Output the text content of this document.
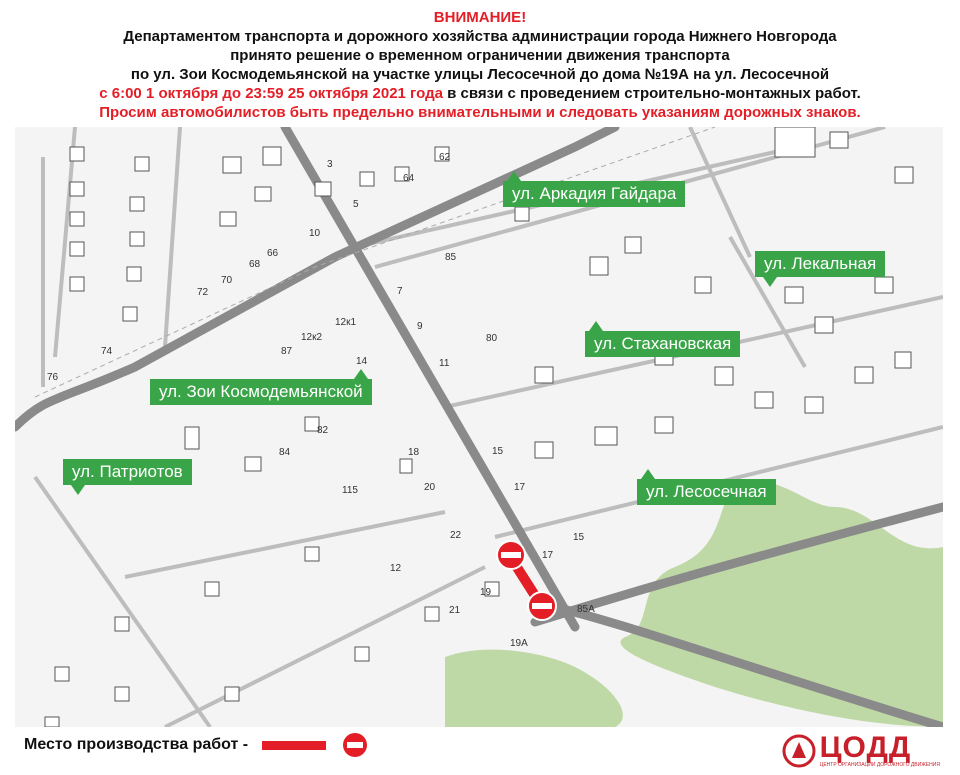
ВНИМАНИЕ!
Департаментом транспорта и дорожного хозяйства администрации города Нижнего Новгорода
принято решение о временном ограничении движения транспорта
по ул. Зои Космодемьянской на участке улицы Лесосечной до дома №19А на ул. Лесосечной
с 6:00 1 октября до 23:59 25 октября 2021 года в связи с проведением строительно-монтажных работ.
Просим автомобилистов быть предельно внимательными и следовать указаниям дорожных знаков.
3
62
64
5
10
66
68
70
72
85
7
74
76
12к1	9
80
12к2
87
14	11
82
84	18	15
20
115	17
22
17
15
12
19
21	85А
19А
ул. Аркадия Гайдара
ул. Лекальная
ул. Стахановская
ул. Зои Космодемьянской
ул. Патриотов
ул. Лесосечная
Место производства работ -	ЦОДД
ЦЕНТР ОРГАНИЗАЦИИ ДОРОЖНОГО ДВИЖЕНИЯ
